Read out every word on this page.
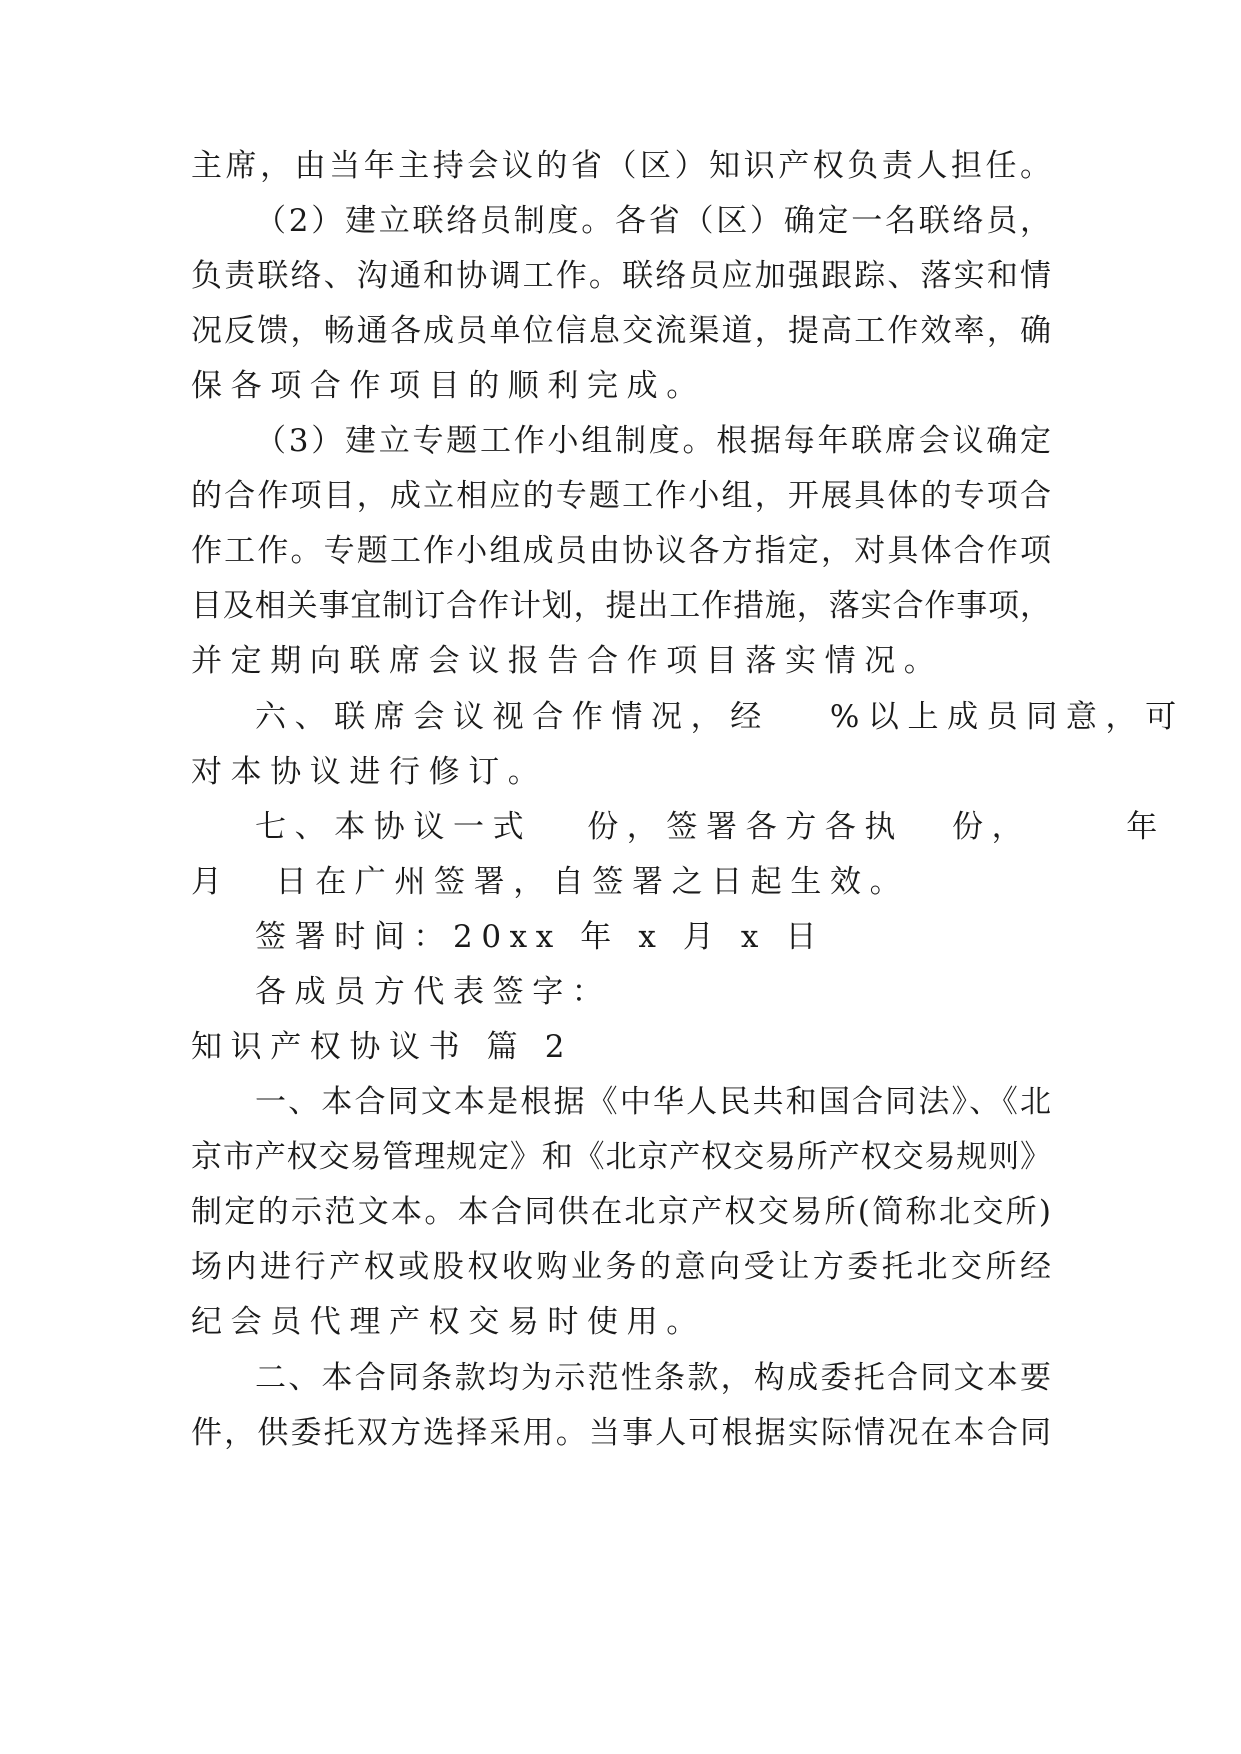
主席，由当年主持会议的省（区）知识产权负责人担任。
（2）建立联络员制度。各省（区）确定一名联络员，
负责联络、沟通和协调工作。联络员应加强跟踪、落实和情
况反馈，畅通各成员单位信息交流渠道，提高工作效率，确
保各项合作项目的顺利完成。
（3）建立专题工作小组制度。根据每年联席会议确定
的合作项目，成立相应的专题工作小组，开展具体的专项合
作工作。专题工作小组成员由协议各方指定，对具体合作项
目及相关事宜制订合作计划，提出工作措施，落实合作事项，
并定期向联席会议报告合作项目落实情况。
六、联席会议视合作情况，经 %以上成员同意，可
对本协议进行修订。
七、本协议一式 份，签署各方各执 份，	年
月 日在广州签署，自签署之日起生效。
签署时间：20xx 年 x 月 x 日
各成员方代表签字：
知识产权协议书 篇 2
一、本合同文本是根据《中华人民共和国合同法》、《北
京市产权交易管理规定》和《北京产权交易所产权交易规则》
制定的示范文本。本合同供在北京产权交易所(简称北交所)
场内进行产权或股权收购业务的意向受让方委托北交所经
纪会员代理产权交易时使用。
二、本合同条款均为示范性条款，构成委托合同文本要
件，供委托双方选择采用。当事人可根据实际情况在本合同
